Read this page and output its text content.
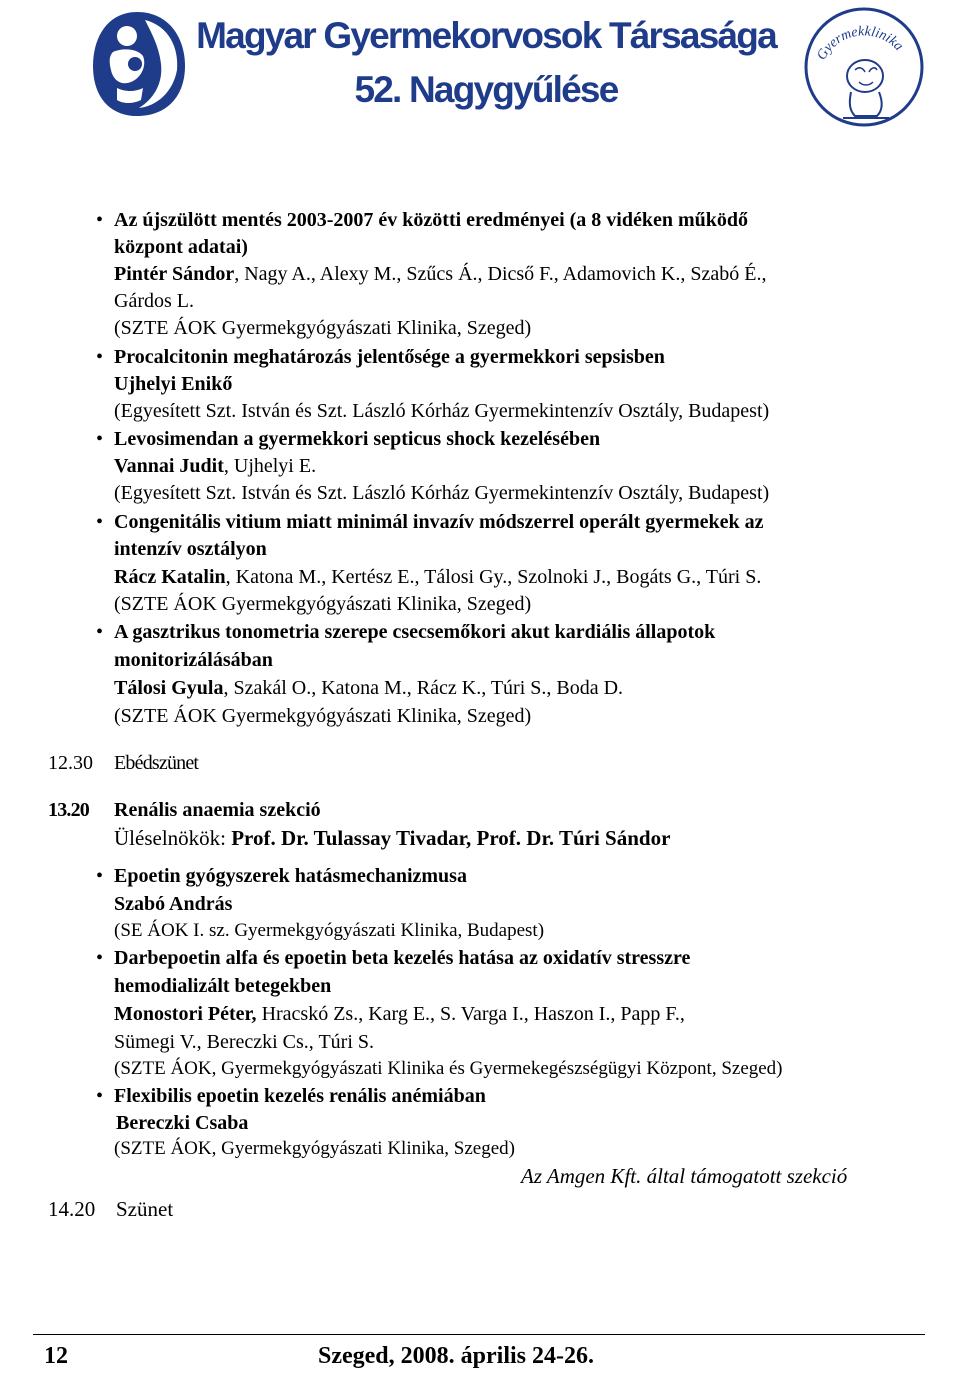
Magyar Gyermekorvosok Társasága
52. Nagygyűlése
Gyermekklinika
• Az újszülött mentés 2003-2007 év közötti eredményei (a 8 vidéken működő
központ adatai)
Pintér Sándor, Nagy A., Alexy M., Szűcs Á., Dicső F., Adamovich K., Szabó É.,
Gárdos L.
(SZTE ÁOK Gyermekgyógyászati Klinika, Szeged)
• Procalcitonin meghatározás jelentősége a gyermekkori sepsisben
Ujhelyi Enikő
(Egyesített Szt. István és Szt. László Kórház Gyermekintenzív Osztály, Budapest)
• Levosimendan a gyermekkori septicus shock kezelésében
Vannai Judit, Ujhelyi E.
(Egyesített Szt. István és Szt. László Kórház Gyermekintenzív Osztály, Budapest)
• Congenitális vitium miatt minimál invazív módszerrel operált gyermekek az
intenzív osztályon
Rácz Katalin, Katona M., Kertész E., Tálosi Gy., Szolnoki J., Bogáts G., Túri S.
(SZTE ÁOK Gyermekgyógyászati Klinika, Szeged)
• A gasztrikus tonometria szerepe csecsemőkori akut kardiális állapotok
monitorizálásában
Tálosi Gyula, Szakál O., Katona M., Rácz K., Túri S., Boda D.
(SZTE ÁOK Gyermekgyógyászati Klinika, Szeged)
12.30 Ebédszünet
13.20 Renális anaemia szekció
Üléselnökök: Prof. Dr. Tulassay Tivadar, Prof. Dr. Túri Sándor
• Epoetin gyógyszerek hatásmechanizmusa
Szabó András
(SE ÁOK I. sz. Gyermekgyógyászati Klinika, Budapest)
• Darbepoetin alfa és epoetin beta kezelés hatása az oxidatív stresszre
hemodializált betegekben
Monostori Péter, Hracskó Zs., Karg E., S. Varga I., Haszon I., Papp F.,
Sümegi V., Bereczki Cs., Túri S.
(SZTE ÁOK, Gyermekgyógyászati Klinika és Gyermekegészségügyi Központ, Szeged)
• Flexibilis epoetin kezelés renális anémiában
Bereczki Csaba
(SZTE ÁOK, Gyermekgyógyászati Klinika, Szeged)
Az Amgen Kft. által támogatott szekció
14.20 Szünet
12	Szeged, 2008. április 24-26.
